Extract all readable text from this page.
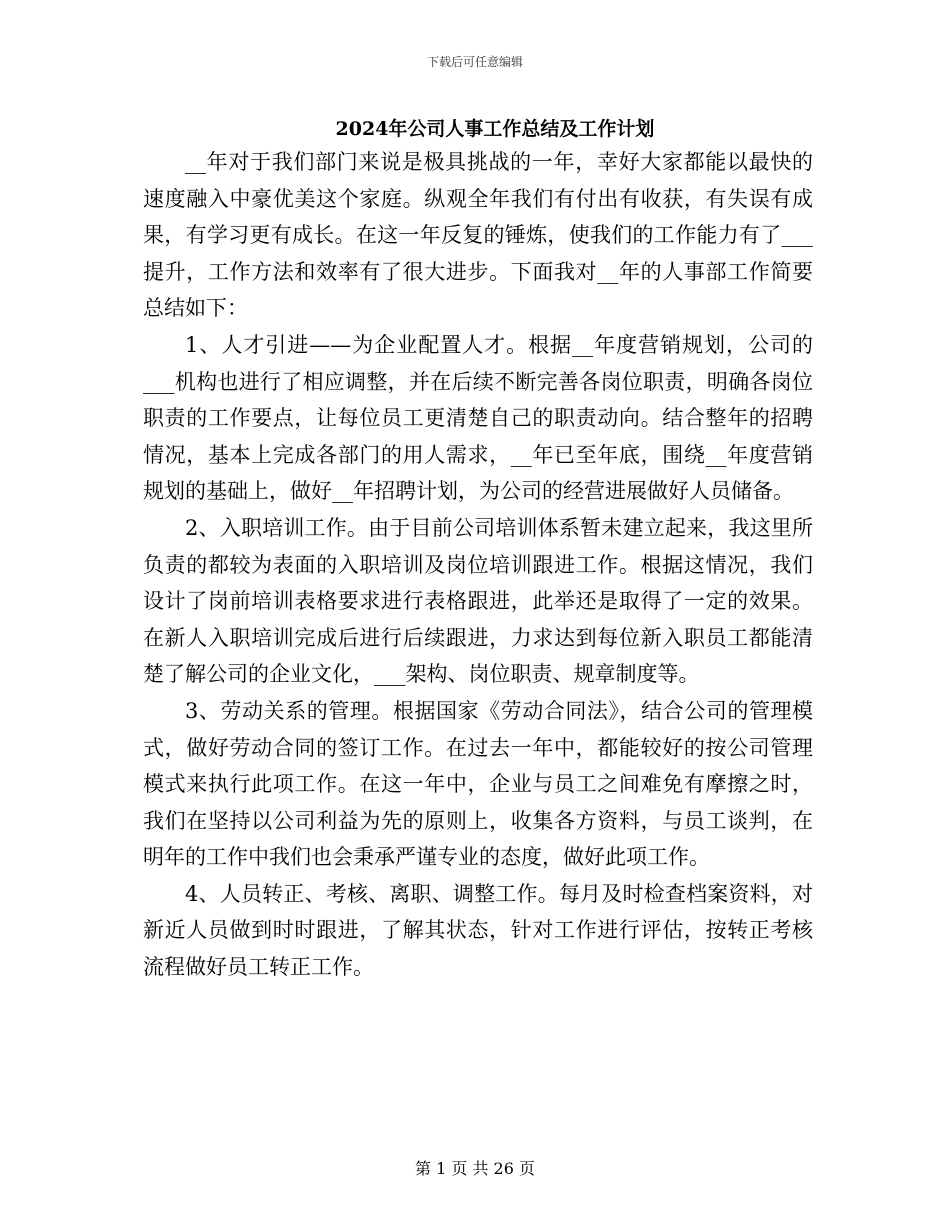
下载后可任意编辑
2024年公司人事工作总结及工作计划

__年对于我们部门来说是极具挑战的一年，幸好大家都能以最快的速度融入中豪优美这个家庭。纵观全年我们有付出有收获，有失误有成果，有学习更有成长。在这一年反复的锤炼，使我们的工作能力有了___提升，工作方法和效率有了很大进步。下面我对__年的人事部工作简要总结如下：

1、人才引进——为企业配置人才。根据__年度营销规划，公司的___机构也进行了相应调整，并在后续不断完善各岗位职责，明确各岗位职责的工作要点，让每位员工更清楚自己的职责动向。结合整年的招聘情况，基本上完成各部门的用人需求，__年已至年底，围绕__年度营销规划的基础上，做好__年招聘计划，为公司的经营进展做好人员储备。

2、入职培训工作。由于目前公司培训体系暂未建立起来，我这里所负责的都较为表面的入职培训及岗位培训跟进工作。根据这情况，我们设计了岗前培训表格要求进行表格跟进，此举还是取得了一定的效果。在新人入职培训完成后进行后续跟进，力求达到每位新入职员工都能清楚了解公司的企业文化，___架构、岗位职责、规章制度等。

3、劳动关系的管理。根据国家《劳动合同法》，结合公司的管理模式，做好劳动合同的签订工作。在过去一年中，都能较好的按公司管理模式来执行此项工作。在这一年中，企业与员工之间难免有摩擦之时，我们在坚持以公司利益为先的原则上，收集各方资料，与员工谈判，在明年的工作中我们也会秉承严谨专业的态度，做好此项工作。

4、人员转正、考核、离职、调整工作。每月及时检查档案资料，对新近人员做到时时跟进，了解其状态，针对工作进行评估，按转正考核流程做好员工转正工作。

第 1 页 共 26 页
